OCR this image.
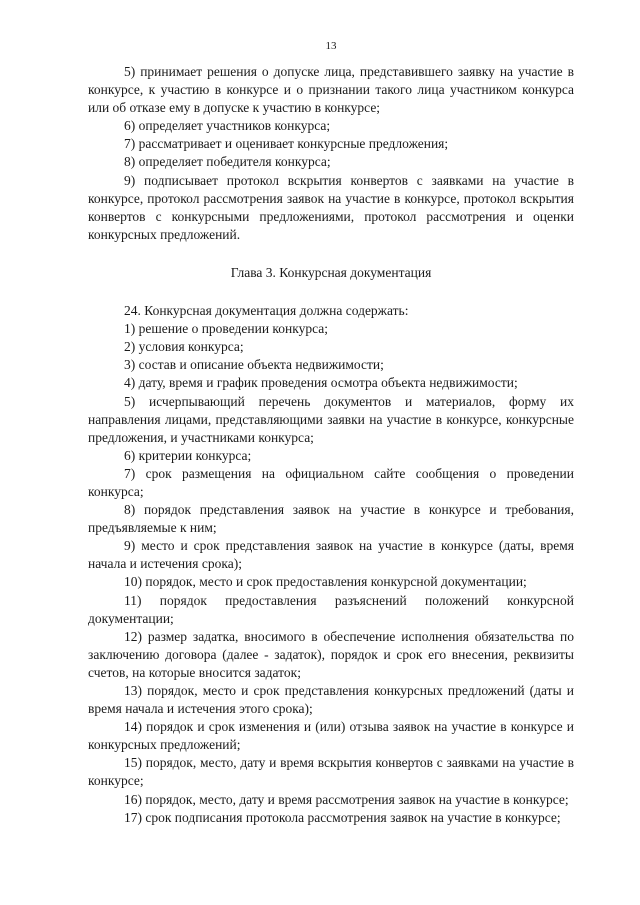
13

5) принимает решения о допуске лица, представившего заявку на участие в конкурсе, к участию в конкурсе и о признании такого лица участником конкурса или об отказе ему в допуске к участию в конкурсе;

6) определяет участников конкурса;

7) рассматривает и оценивает конкурсные предложения;

8) определяет победителя конкурса;

9) подписывает протокол вскрытия конвертов с заявками на участие в конкурсе, протокол рассмотрения заявок на участие в конкурсе, протокол вскрытия конвертов с конкурсными предложениями, протокол рассмотрения и оценки конкурсных предложений.

Глава 3. Конкурсная документация

24. Конкурсная документация должна содержать:

1) решение о проведении конкурса;

2) условия конкурса;

3) состав и описание объекта недвижимости;

4) дату, время и график проведения осмотра объекта недвижимости;

5) исчерпывающий перечень документов и материалов, форму их направления лицами, представляющими заявки на участие в конкурсе, конкурсные предложения, и участниками конкурса;

6) критерии конкурса;

7) срок размещения на официальном сайте сообщения о проведении конкурса;

8) порядок представления заявок на участие в конкурсе и требования, предъявляемые к ним;

9) место и срок представления заявок на участие в конкурсе (даты, время начала и истечения срока);

10) порядок, место и срок предоставления конкурсной документации;

11) порядок предоставления разъяснений положений конкурсной документации;

12) размер задатка, вносимого в обеспечение исполнения обязательства по заключению договора (далее - задаток), порядок и срок его внесения, реквизиты счетов, на которые вносится задаток;

13) порядок, место и срок представления конкурсных предложений (даты и время начала и истечения этого срока);

14) порядок и срок изменения и (или) отзыва заявок на участие в конкурсе и конкурсных предложений;

15) порядок, место, дату и время вскрытия конвертов с заявками на участие в конкурсе;

16) порядок, место, дату и время рассмотрения заявок на участие в конкурсе;

17) срок подписания протокола рассмотрения заявок на участие в конкурсе;
